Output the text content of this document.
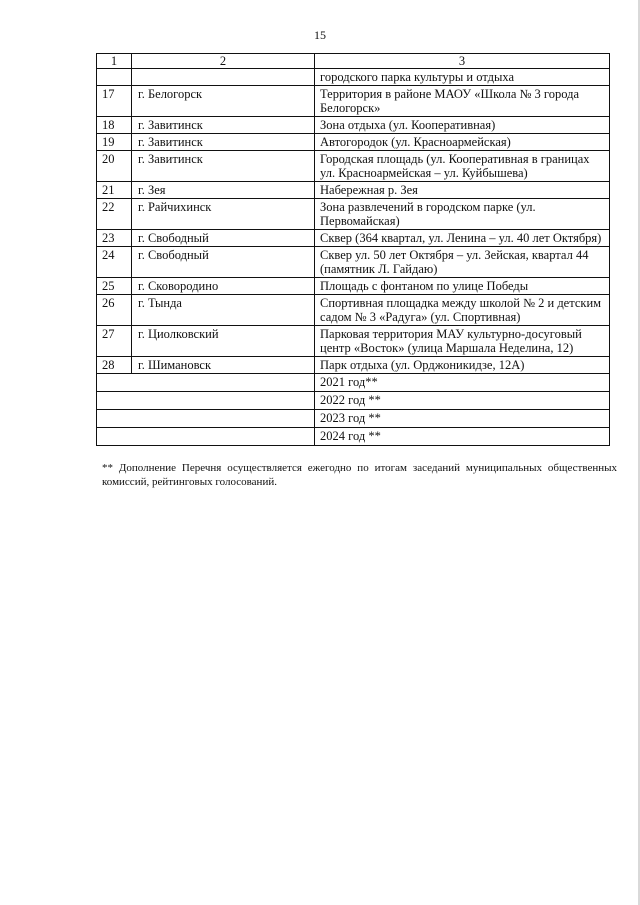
15
1	2	3
		городского парка культуры и отдыха
17	г. Белогорск	Территория в районе МАОУ «Школа № 3 города Белогорск»
18	г. Завитинск	Зона отдыха (ул. Кооперативная)
19	г. Завитинск	Автогородок (ул. Красноармейская)
20	г. Завитинск	Городская площадь (ул. Кооперативная в границах ул. Красноармейская – ул. Куйбышева)
21	г. Зея	Набережная р. Зея
22	г. Райчихинск	Зона развлечений в городском парке (ул. Первомайская)
23	г. Свободный	Сквер (364 квартал, ул. Ленина – ул. 40 лет Октября)
24	г. Свободный	Сквер ул. 50 лет Октября – ул. Зейская, квартал 44 (памятник Л. Гайдаю)
25	г. Сковородино	Площадь с фонтаном по улице Победы
26	г. Тында	Спортивная площадка между школой № 2 и детским садом № 3 «Радуга» (ул. Спортивная)
27	г. Циолковский	Парковая территория МАУ культурно-досуговый центр «Восток» (улица Маршала Неделина, 12)
28	г. Шимановск	Парк отдыха (ул. Орджоникидзе, 12А)
		2021 год**
		2022 год **
		2023 год **
		2024 год **
** Дополнение Перечня осуществляется ежегодно по итогам заседаний муниципальных общественных комиссий, рейтинговых голосований.
